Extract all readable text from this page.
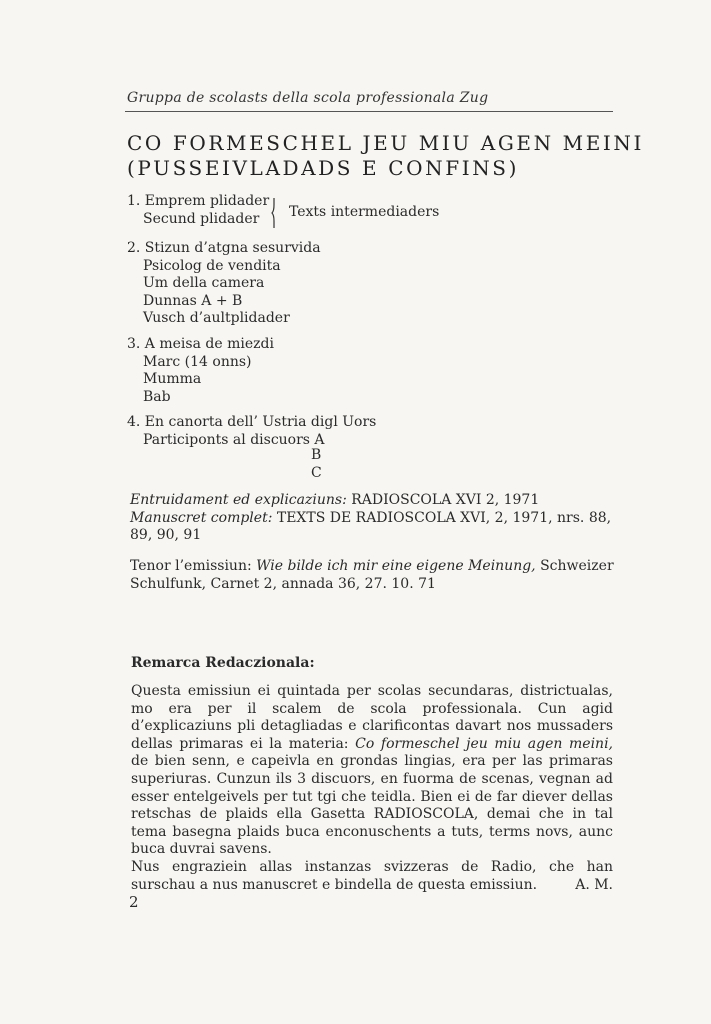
Gruppa de scolasts della scola professionala Zug
CO FORMESCHEL JEU MIU AGEN MEINI
(PUSSEIVLADADS E CONFINS)
1. Emprem plidader
Secund plidader	Texts intermediaders
2. Stizun d’atgna sesurvida
Psicolog de vendita
Um della camera
Dunnas A + B
Vusch d’aultplidader
3. A meisa de miezdi
Marc (14 onns)
Mumma
Bab
4. En canorta dell’ Ustria digl Uors
Participonts al discuors A
B
C

Entruidament ed explicaziuns: RADIOSCOLA XVI 2, 1971

Manuscret complet: TEXTS DE RADIOSCOLA XVI, 2, 1971, nrs. 88, 89, 90, 91

Tenor l’emissiun: Wie bilde ich mir eine eigene Meinung, Schweizer Schulfunk, Carnet 2, annada 36, 27. 10. 71
Remarca Redaczionala:

Questa emissiun ei quintada per scolas secundaras, districtualas, mo era per il scalem de scola professionala. Cun agid d’explicaziuns pli detagliadas e clarificontas davart nos mussaders dellas primaras ei la materia: Co formeschel jeu miu agen meini, de bien senn, e capeivla en grondas lingias, era per las primaras superiuras. Cunzun ils 3 discuors, en fuorma de scenas, vegnan ad esser entelgeivels per tut tgi che teidla. Bien ei de far diever dellas retschas de plaids ella Gasetta RADIOSCOLA, demai che in tal tema basegna plaids buca enconuschents a tuts, terms novs, aunc buca duvrai savens.

Nus engraziein allas instanzas svizzeras de Radio, che han surschau a nus manuscret e bindella de questa emissiun.	A. M.

2
